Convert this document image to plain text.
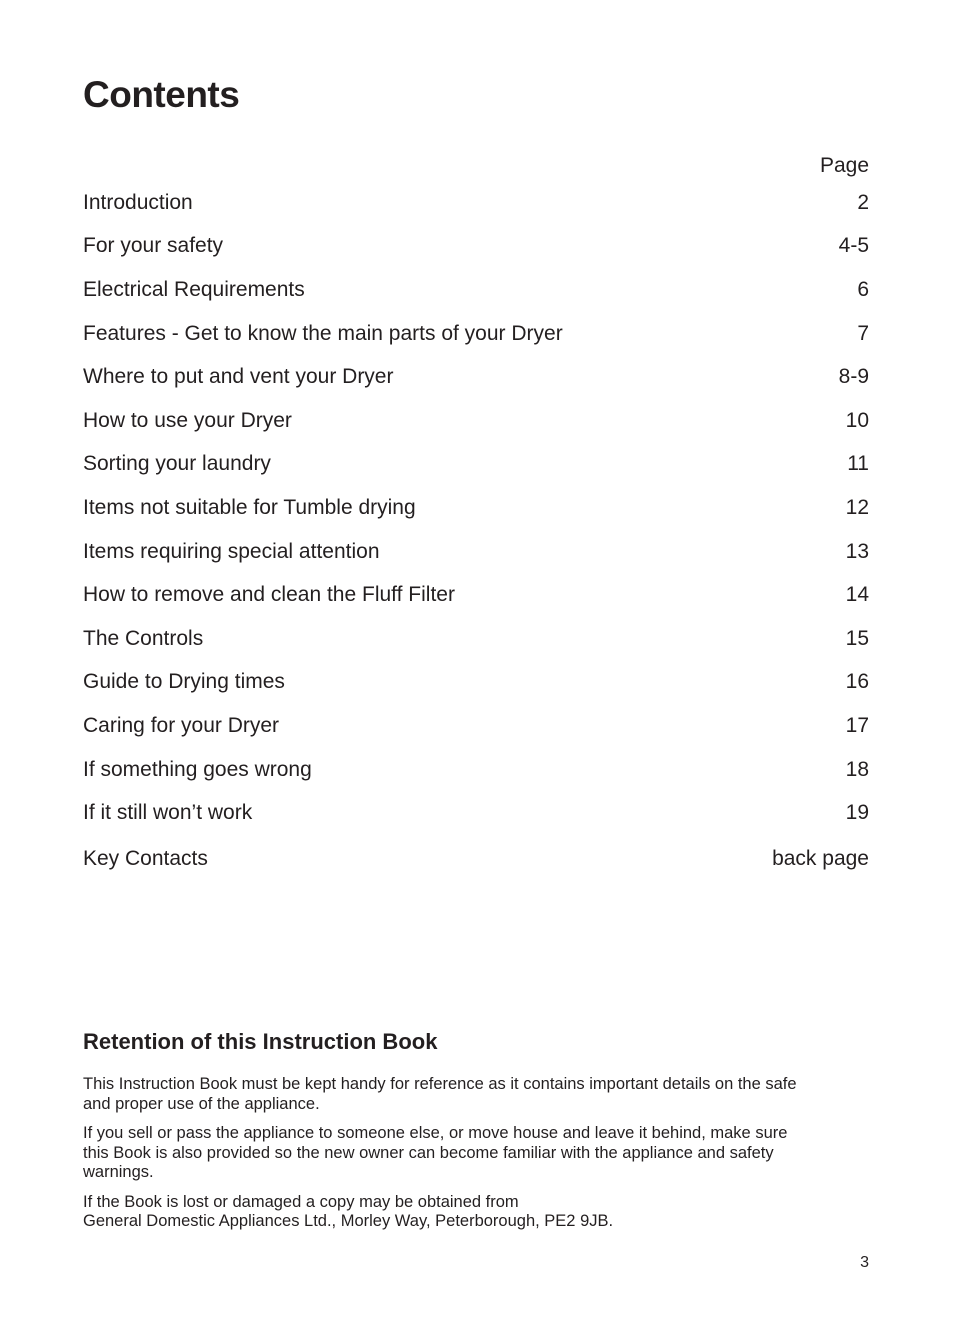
Contents
Page
Introduction	2
For your safety	4-5
Electrical Requirements	6
Features - Get to know the main parts of your Dryer	7
Where to put and vent your Dryer	8-9
How to use your Dryer	10
Sorting your laundry	11
Items not suitable for Tumble drying	12
Items requiring special attention	13
How to remove and clean the Fluff Filter	14
The Controls	15
Guide to Drying times	16
Caring for your Dryer	17
If something goes wrong	18
If it still won’t work	19
Key Contacts	back page
Retention of this Instruction Book

This Instruction Book must be kept handy for reference as it contains important details on the safe and proper use of the appliance.

If you sell or pass the appliance to someone else, or move house and leave it behind, make sure this Book is also provided so the new owner can become familiar with the appliance and safety warnings.

If the Book is lost or damaged a copy may be obtained from
General Domestic Appliances Ltd., Morley Way, Peterborough, PE2 9JB.

3
